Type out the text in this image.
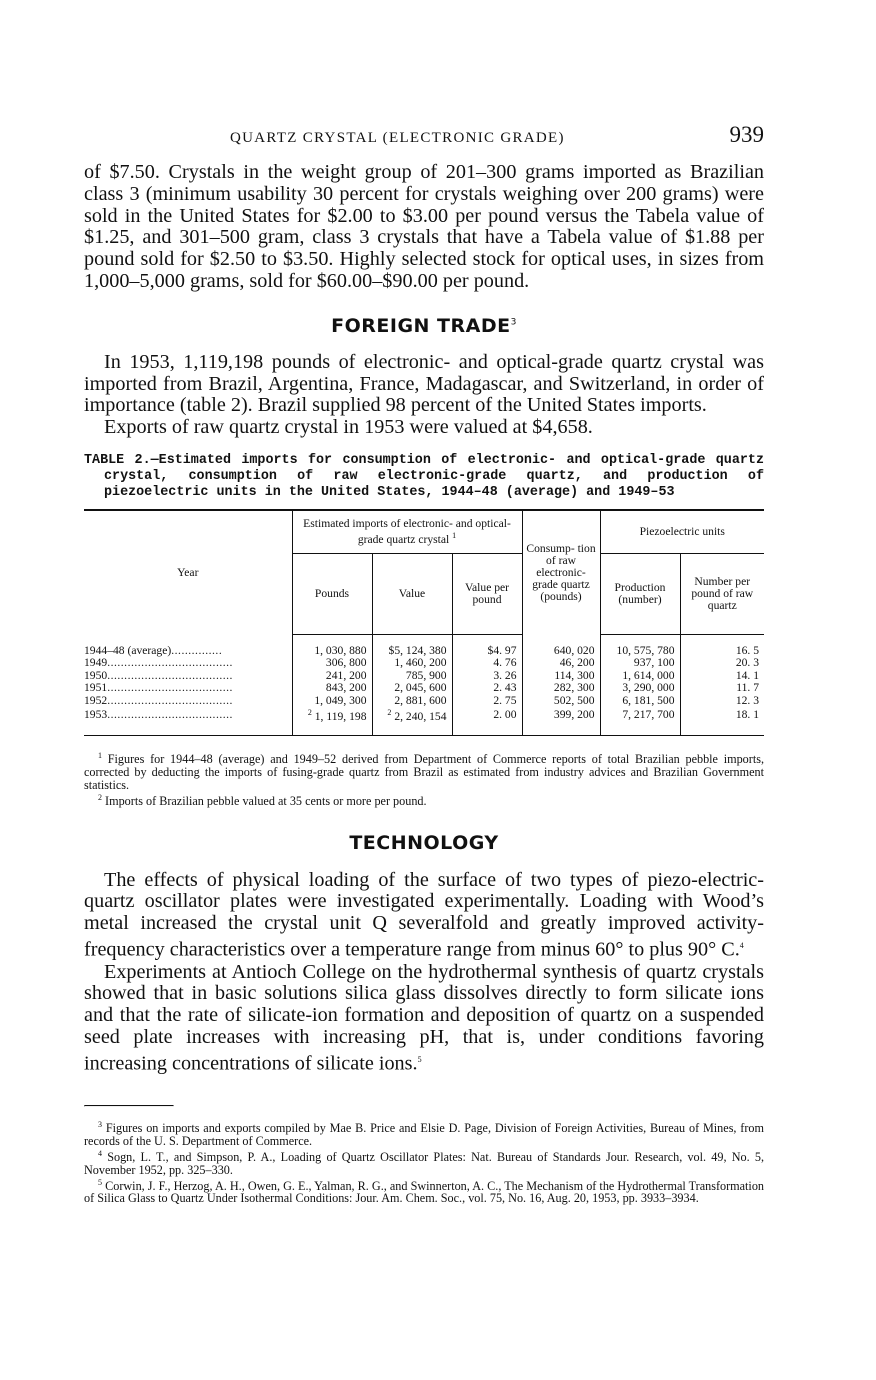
QUARTZ CRYSTAL (ELECTRONIC GRADE)	939

of $7.50. Crystals in the weight group of 201–300 grams imported as Brazilian class 3 (minimum usability 30 percent for crystals weighing over 200 grams) were sold in the United States for $2.00 to $3.00 per pound versus the Tabela value of $1.25, and 301–500 gram, class 3 crystals that have a Tabela value of $1.88 per pound sold for $2.50 to $3.50. Highly selected stock for optical uses, in sizes from 1,000–5,000 grams, sold for $60.00–$90.00 per pound.

FOREIGN TRADE$^3$

In 1953, 1,119,198 pounds of electronic- and optical-grade quartz crystal was imported from Brazil, Argentina, France, Madagascar, and Switzerland, in order of importance (table 2). Brazil supplied 98 percent of the United States imports.

Exports of raw quartz crystal in 1953 were valued at $4,658.

TABLE 2.—Estimated imports for consumption of electronic- and optical-grade quartz crystal, consumption of raw electronic-grade quartz, and production of piezoelectric units in the United States, 1944–48 (average) and 1949–53

Year	Estimated imports of electronic- and optical-grade quartz crystal $^1$			Consump- tion of raw electronic- grade quartz (pounds)	Piezoelectric units	
	Pounds	Value	Value per pound		Production (number)	Number per pound of raw quartz
1944–48 (average)...............	1, 030, 880	$5, 124, 380	$4. 97	640, 020	10, 575, 780	16. 5
1949.....................................	306, 800	1, 460, 200	4. 76	46, 200	937, 100	20. 3
1950.....................................	241, 200	785, 900	3. 26	114, 300	1, 614, 000	14. 1
1951.....................................	843, 200	2, 045, 600	2. 43	282, 300	3, 290, 000	11. 7
1952.....................................	1, 049, 300	2, 881, 600	2. 75	502, 500	6, 181, 500	12. 3
1953.....................................	$^2$ 1, 119, 198	$^2$ 2, 240, 154	2. 00	399, 200	7, 217, 700	18. 1

$^1$ Figures for 1944–48 (average) and 1949–52 derived from Department of Commerce reports of total Brazilian pebble imports, corrected by deducting the imports of fusing-grade quartz from Brazil as estimated from industry advices and Brazilian Government statistics.

$^2$ Imports of Brazilian pebble valued at 35 cents or more per pound.

TECHNOLOGY

The effects of physical loading of the surface of two types of piezo-electric-quartz oscillator plates were investigated experimentally. Loading with Wood’s metal increased the crystal unit Q severalfold and greatly improved activity-frequency characteristics over a temperature range from minus 60° to plus 90° C.$^4$

Experiments at Antioch College on the hydrothermal synthesis of quartz crystals showed that in basic solutions silica glass dissolves directly to form silicate ions and that the rate of silicate-ion formation and deposition of quartz on a suspended seed plate increases with increasing pH, that is, under conditions favoring increasing concentrations of silicate ions.$^5$

$^3$ Figures on imports and exports compiled by Mae B. Price and Elsie D. Page, Division of Foreign Activities, Bureau of Mines, from records of the U. S. Department of Commerce.

$^4$ Sogn, L. T., and Simpson, P. A., Loading of Quartz Oscillator Plates: Nat. Bureau of Standards Jour. Research, vol. 49, No. 5, November 1952, pp. 325–330.

$^5$ Corwin, J. F., Herzog, A. H., Owen, G. E., Yalman, R. G., and Swinnerton, A. C., The Mechanism of the Hydrothermal Transformation of Silica Glass to Quartz Under Isothermal Conditions: Jour. Am. Chem. Soc., vol. 75, No. 16, Aug. 20, 1953, pp. 3933–3934.
